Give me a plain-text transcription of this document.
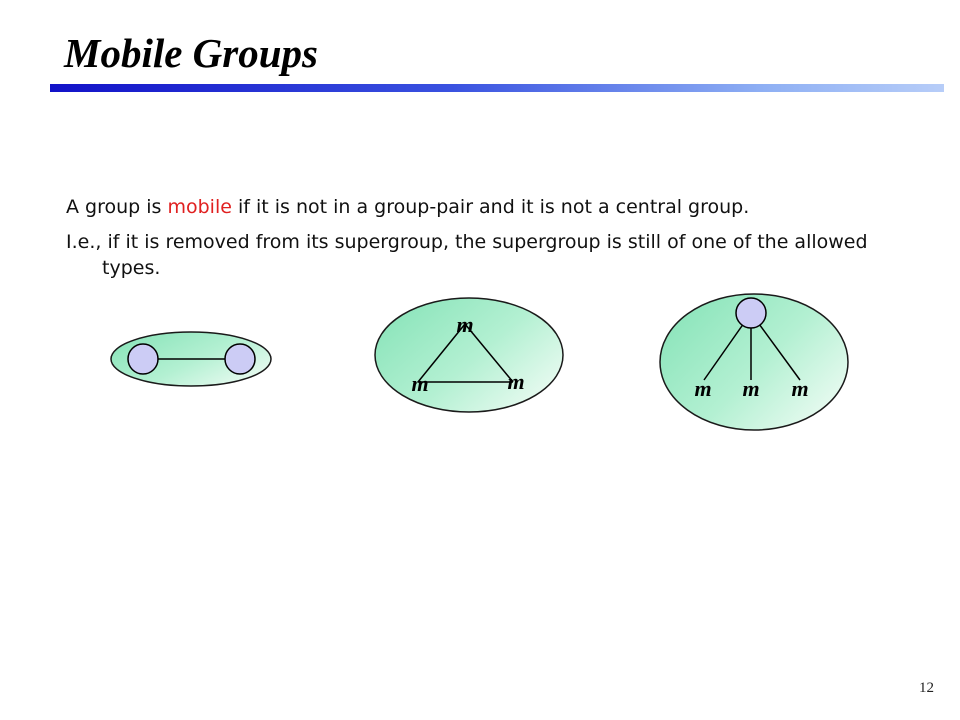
Mobile Groups

A group is mobile if it is not in a group-pair and it is not a central group.

I.e., if it is removed from its supergroup, the supergroup is still of one of the allowed types.

m
m	m	m m m
12
